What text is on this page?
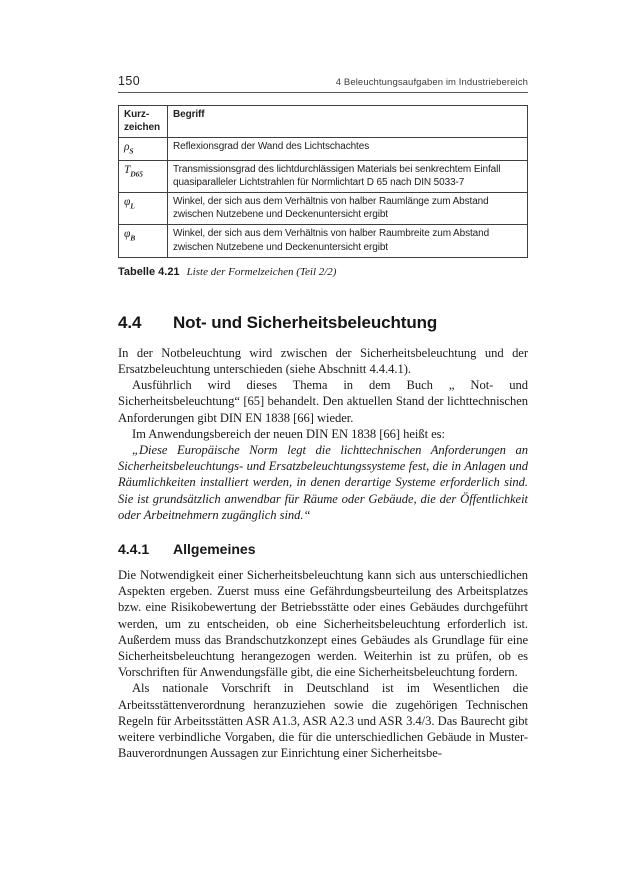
150	4 Beleuchtungsaufgaben im Industriebereich
Kurz-zeichen	Begriff
$\rho_S$	Reflexionsgrad der Wand des Lichtschachtes
$T_{D65}$	Transmissionsgrad des lichtdurchlässigen Materials bei senkrechtem Einfall quasiparalleler Lichtstrahlen für Normlichtart D 65 nach DIN 5033-7
$\varphi_L$	Winkel, der sich aus dem Verhältnis von halber Raumlänge zum Abstand zwischen Nutzebene und Deckenuntersicht ergibt
$\varphi_B$	Winkel, der sich aus dem Verhältnis von halber Raumbreite zum Abstand zwischen Nutzebene und Deckenuntersicht ergibt
Tabelle 4.21 Liste der Formelzeichen (Teil 2/2)
4.4	Not- und Sicherheitsbeleuchtung

In der Notbeleuchtung wird zwischen der Sicherheitsbeleuchtung und der Ersatzbeleuchtung unterschieden (siehe Abschnitt 4.4.4.1).

Ausführlich wird dieses Thema in dem Buch „ Not- und Sicherheitsbeleuchtung“ [65] behandelt. Den aktuellen Stand der lichttechnischen Anforderungen gibt DIN EN 1838 [66] wieder.

Im Anwendungsbereich der neuen DIN EN 1838 [66] heißt es:

„Diese Europäische Norm legt die lichttechnischen Anforderungen an Sicherheitsbeleuchtungs- und Ersatzbeleuchtungssysteme fest, die in Anlagen und Räumlichkeiten installiert werden, in denen derartige Systeme erforderlich sind. Sie ist grundsätzlich anwendbar für Räume oder Gebäude, die der Öffentlichkeit oder Arbeitnehmern zugänglich sind.“

4.4.1	Allgemeines

Die Notwendigkeit einer Sicherheitsbeleuchtung kann sich aus unterschiedlichen Aspekten ergeben. Zuerst muss eine Gefährdungsbeurteilung des Arbeitsplatzes bzw. eine Risikobewertung der Betriebsstätte oder eines Gebäudes durchgeführt werden, um zu entscheiden, ob eine Sicherheitsbeleuchtung erforderlich ist. Außerdem muss das Brandschutzkonzept eines Gebäudes als Grundlage für eine Sicherheitsbeleuchtung herangezogen werden. Weiterhin ist zu prüfen, ob es Vorschriften für Anwendungsfälle gibt, die eine Sicherheitsbeleuchtung fordern.

Als nationale Vorschrift in Deutschland ist im Wesentlichen die Arbeitsstättenverordnung heranzuziehen sowie die zugehörigen Technischen Regeln für Arbeitsstätten ASR A1.3, ASR A2.3 und ASR 3.4/3. Das Baurecht gibt weitere verbindliche Vorgaben, die für die unterschiedlichen Gebäude in Muster-Bauverordnungen Aussagen zur Einrichtung einer Sicherheitsbe-
